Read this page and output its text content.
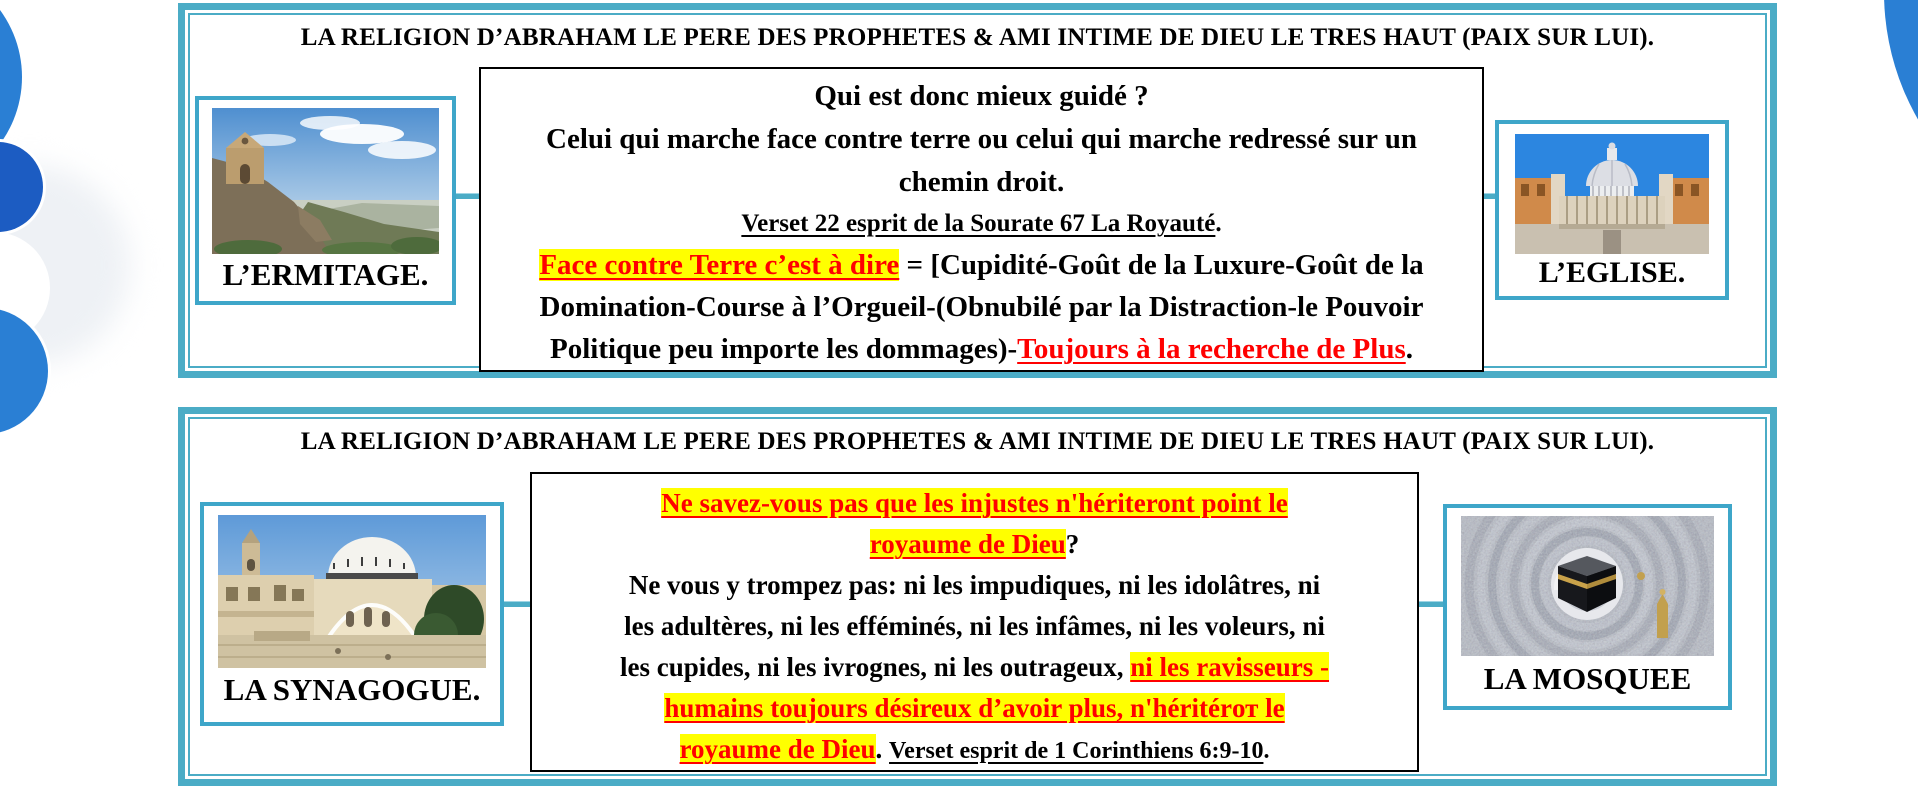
LA RELIGION D’ABRAHAM LE PERE DES PROPHETES & AMI INTIME DE DIEU LE TRES HAUT (PAIX SUR LUI).
L’ERMITAGE.
Qui est donc mieux guidé ?
Celui qui marche face contre terre ou celui qui marche redressé sur un
chemin droit.
Verset 22 esprit de la Sourate 67 La Royauté.
Face contre Terre c’est à dire = [Cupidité-Goût de la Luxure-Goût de la
Domination-Course à l’Orgueil-(Obnubilé par la Distraction-le Pouvoir
Politique peu importe les dommages)-Toujours à la recherche de Plus.
L’EGLISE.
LA RELIGION D’ABRAHAM LE PERE DES PROPHETES & AMI INTIME DE DIEU LE TRES HAUT (PAIX SUR LUI).
LA SYNAGOGUE.
Ne savez-vous pas que les injustes n'hériteront point le
royaume de Dieu?
Ne vous y trompez pas: ni les impudiques, ni les idolâtres, ni
les adultères, ni les efféminés, ni les infâmes, ni les voleurs, ni
les cupides, ni les ivrognes, ni les outrageux, ni les ravisseurs -
humains toujours désireux d’avoir plus, n'héritérот le
royaume de Dieu. Verset esprit de 1 Corinthiens 6:9-10.
LA MOSQUEE
